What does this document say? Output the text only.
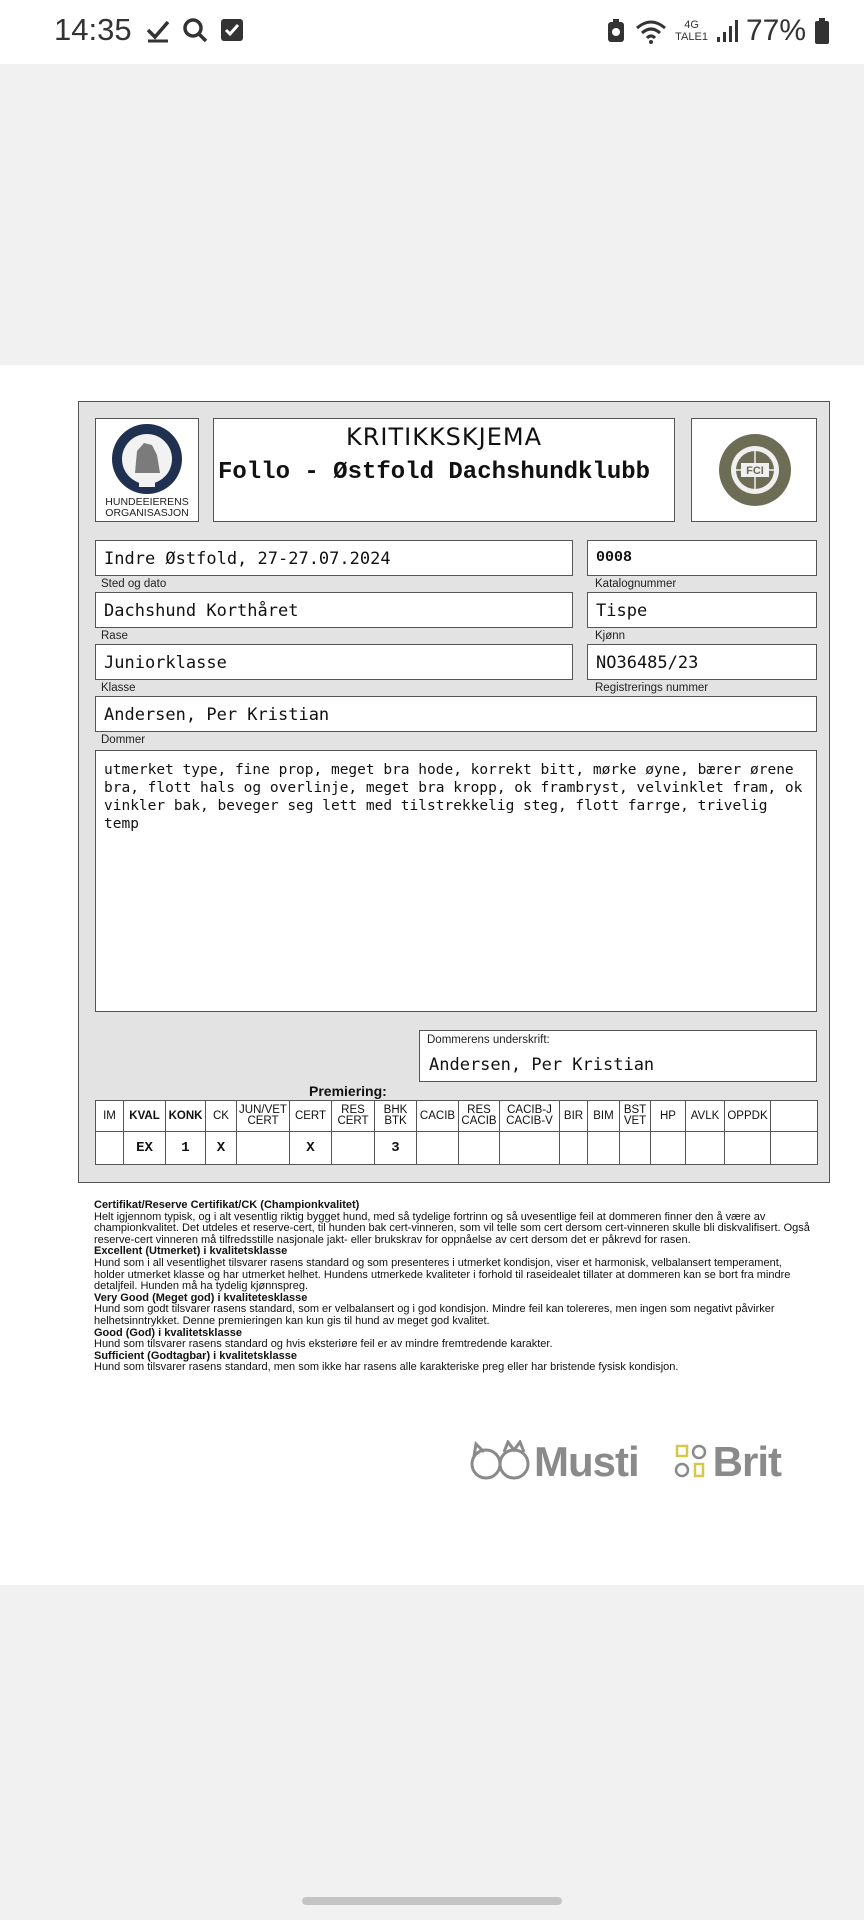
14:35	4G
TALE1 77%
HUNDEEIERENS ORGANISASJON
KRITIKKSKJEMA
Follo - Østfold Dachshundklubb	FCI
Indre Østfold, 27-27.07.2024
Sted og dato
0008
Katalognummer
Dachshund Korthåret
Rase
Tispe
Kjønn
Juniorklasse
Klasse
NO36485/23
Registrerings nummer
Andersen, Per Kristian
Dommer
utmerket type, fine prop, meget bra hode, korrekt bitt, mørke øyne, bærer ørene bra, flott hals og overlinje, meget bra kropp, ok frambryst, velvinklet fram, ok vinkler bak, beveger seg lett med tilstrekkelig steg, flott farrge, trivelig temp
Dommerens underskrift:
Andersen, Per Kristian
Premiering:
IM	KVAL	KONK	CK	JUN/VET CERT	CERT	RES CERT	BHK BTK	CACIB	RES CACIB	CACIB-J CACIB-V	BIR	BIM	BST VET	HP	AVLK	OPPDK	
	EX	1	X		X		3										
Certifikat/Reserve Certifikat/CK (Championkvalitet)
Helt igjennom typisk, og i alt vesentlig riktig bygget hund, med så tydelige fortrinn og så uvesentlige feil at dommeren finner den å være av championkvalitet. Det utdeles et reserve-cert, til hunden bak cert-vinneren, som vil telle som cert dersom cert-vinneren skulle bli diskvalifisert. Også reserve-cert vinneren må tilfredsstille nasjonale jakt- eller brukskrav for oppnåelse av cert dersom det er påkrevd for rasen.
Excellent (Utmerket) i kvalitetsklasse
Hund som i all vesentlighet tilsvarer rasens standard og som presenteres i utmerket kondisjon, viser et harmonisk, velbalansert temperament, holder utmerket klasse og har utmerket helhet. Hundens utmerkede kvaliteter i forhold til raseidealet tillater at dommeren kan se bort fra mindre detaljfeil. Hunden må ha tydelig kjønnspreg.
Very Good (Meget god) i kvalitetesklasse
Hund som godt tilsvarer rasens standard, som er velbalansert og i god kondisjon. Mindre feil kan tolereres, men ingen som negativt påvirker helhetsinntrykket. Denne premieringen kan kun gis til hund av meget god kvalitet.
Good (God) i kvalitetsklasse
Hund som tilsvarer rasens standard og hvis eksteriøre feil er av mindre fremtredende karakter.
Sufficient (Godtagbar) i kvalitetsklasse
Hund som tilsvarer rasens standard, men som ikke har rasens alle karakteriske preg eller har bristende fysisk kondisjon.
Musti Brit
